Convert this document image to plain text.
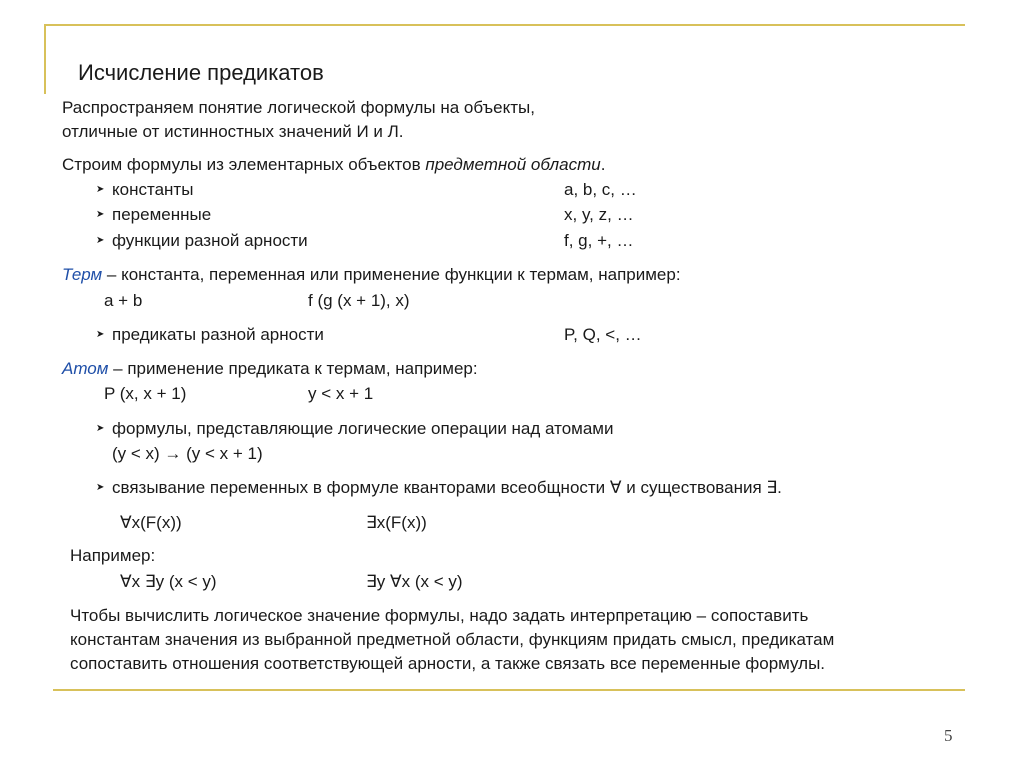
Исчисление предикатов
Распространяем понятие логической формулы на объекты,
отличные от истинностных значений И и Л.
Строим формулы из элементарных объектов предметной области.
➤ константы	a, b, c, …
➤ переменные	x, y, z, …
➤ функции разной арности	f, g, +, …
Терм – константа, переменная или применение функции к термам, например:
a + b	f (g (x + 1), x)
➤ предикаты разной арности	P, Q, <, …
Атом – применение предиката к термам, например:
P (x, x + 1)	y < x + 1
➤ формулы, представляющие логические операции над атомами
(y < x) → (y < x + 1)
➤ связывание переменных в формуле кванторами всеобщности ∀ и существования ∃.
∀x(F(x))	∃x(F(x))
Например:
∀x ∃y (x < y)	∃y ∀x (x < y)
Чтобы вычислить логическое значение формулы, надо задать интерпретацию – сопоставить
константам значения из выбранной предметной области, функциям придать смысл, предикатам
сопоставить отношения соответствующей арности, а также связать все переменные формулы.
5
